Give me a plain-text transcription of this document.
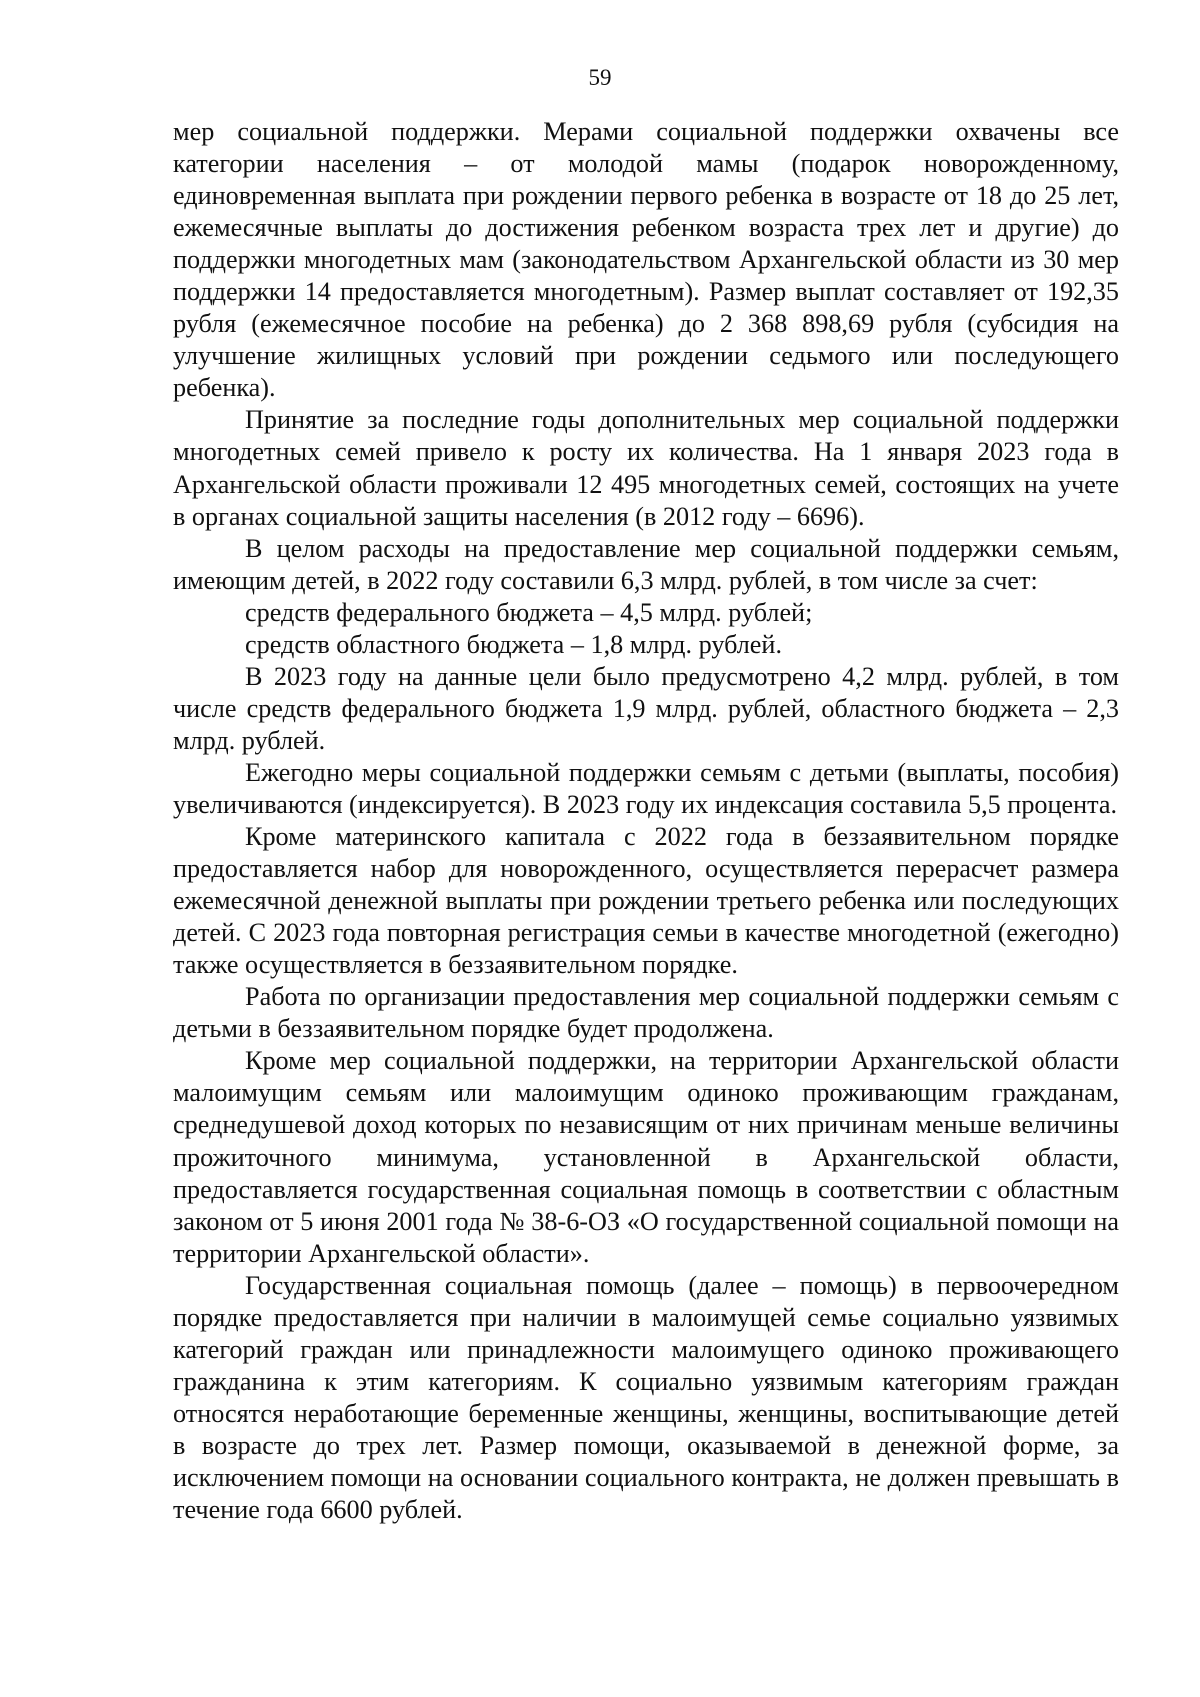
59

мер социальной поддержки. Мерами социальной поддержки охвачены все категории населения – от молодой мамы (подарок новорожденному, единовременная выплата при рождении первого ребенка в возрасте от 18 до 25 лет, ежемесячные выплаты до достижения ребенком возраста трех лет и другие) до поддержки многодетных мам (законодательством Архангельской области из 30 мер поддержки 14 предоставляется многодетным). Размер выплат составляет от 192,35 рубля (ежемесячное пособие на ребенка) до 2 368 898,69 рубля (субсидия на улучшение жилищных условий при рождении седьмого или последующего ребенка).

Принятие за последние годы дополнительных мер социальной поддержки многодетных семей привело к росту их количества. На 1 января 2023 года в Архангельской области проживали 12 495 многодетных семей, состоящих на учете в органах социальной защиты населения (в 2012 году – 6696).

В целом расходы на предоставление мер социальной поддержки семьям, имеющим детей, в 2022 году составили 6,3 млрд. рублей, в том числе за счет:

средств федерального бюджета – 4,5 млрд. рублей;

средств областного бюджета – 1,8 млрд. рублей.

В 2023 году на данные цели было предусмотрено 4,2 млрд. рублей, в том числе средств федерального бюджета 1,9 млрд. рублей, областного бюджета – 2,3 млрд. рублей.

Ежегодно меры социальной поддержки семьям с детьми (выплаты, пособия) увеличиваются (индексируется). В 2023 году их индексация составила 5,5 процента.

Кроме материнского капитала с 2022 года в беззаявительном порядке предоставляется набор для новорожденного, осуществляется перерасчет размера ежемесячной денежной выплаты при рождении третьего ребенка или последующих детей. С 2023 года повторная регистрация семьи в качестве многодетной (ежегодно) также осуществляется в беззаявительном порядке.

Работа по организации предоставления мер социальной поддержки семьям с детьми в беззаявительном порядке будет продолжена.

Кроме мер социальной поддержки, на территории Архангельской области малоимущим семьям или малоимущим одиноко проживающим гражданам, среднедушевой доход которых по независящим от них причинам меньше величины прожиточного минимума, установленной в Архангельской области, предоставляется государственная социальная помощь в соответствии с областным законом от 5 июня 2001 года № 38-6-ОЗ «О государственной социальной помощи на территории Архангельской области».

Государственная социальная помощь (далее – помощь) в первоочередном порядке предоставляется при наличии в малоимущей семье социально уязвимых категорий граждан или принадлежности малоимущего одиноко проживающего гражданина к этим категориям. К социально уязвимым категориям граждан относятся неработающие беременные женщины, женщины, воспитывающие детей в возрасте до трех лет. Размер помощи, оказываемой в денежной форме, за исключением помощи на основании социального контракта, не должен превышать в течение года 6600 рублей.
